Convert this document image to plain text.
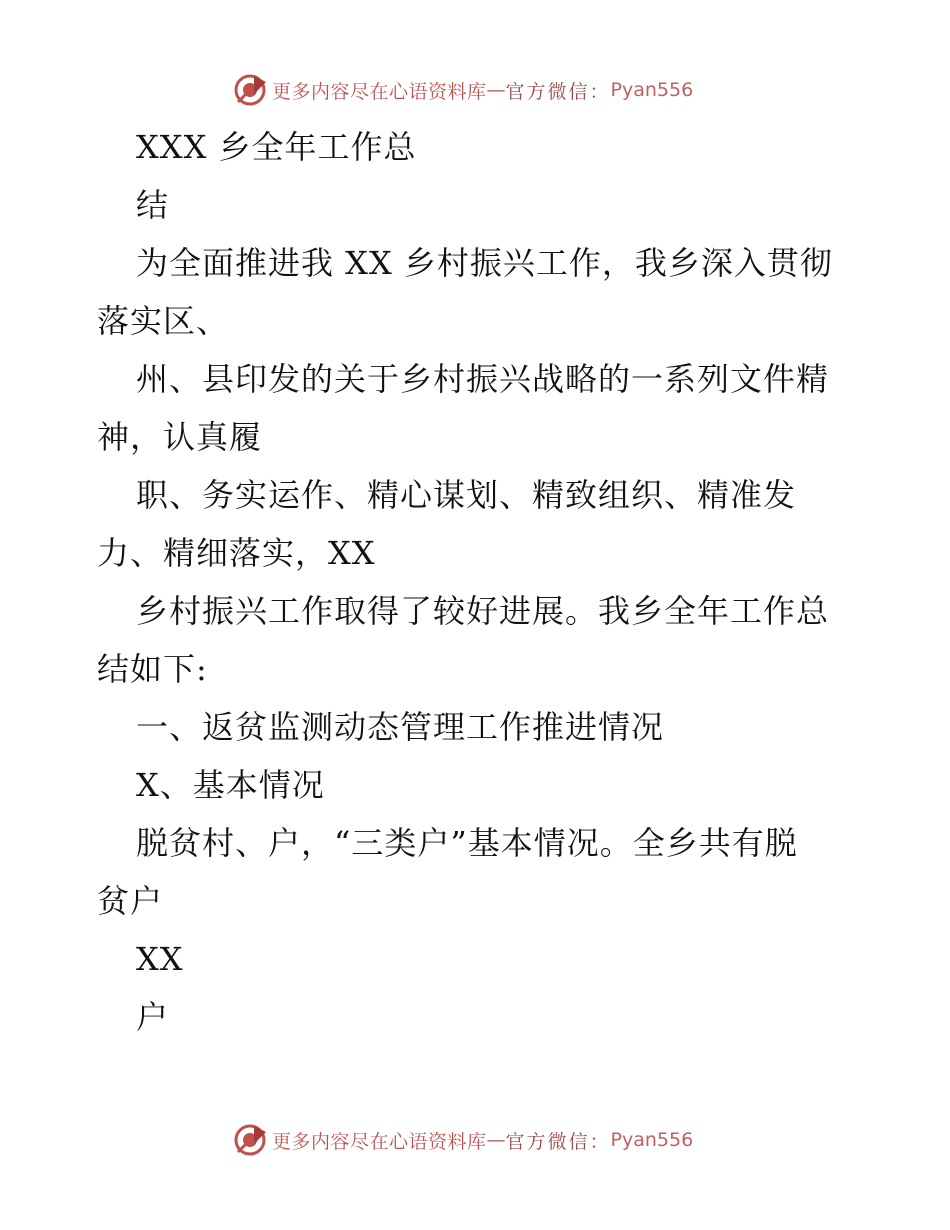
更多内容尽在心语资料库 — 官方微信： Pyan556
XXX 乡全年工作总
结
为全面推进我 XX 乡村振兴工作，我乡深入贯彻
落实区、
州、县印发的关于乡村振兴战略的一系列文件精
神，认真履
职、务实运作、精心谋划、精致组织、精准发
力、精细落实，XX
乡村振兴工作取得了较好进展。我乡全年工作总
结如下:
一、返贫监测动态管理工作推进情况
X、基本情况
脱贫村、户，“三类户”基本情况。全乡共有脱
贫户
XX
户
更多内容尽在心语资料库 — 官方微信： Pyan556
